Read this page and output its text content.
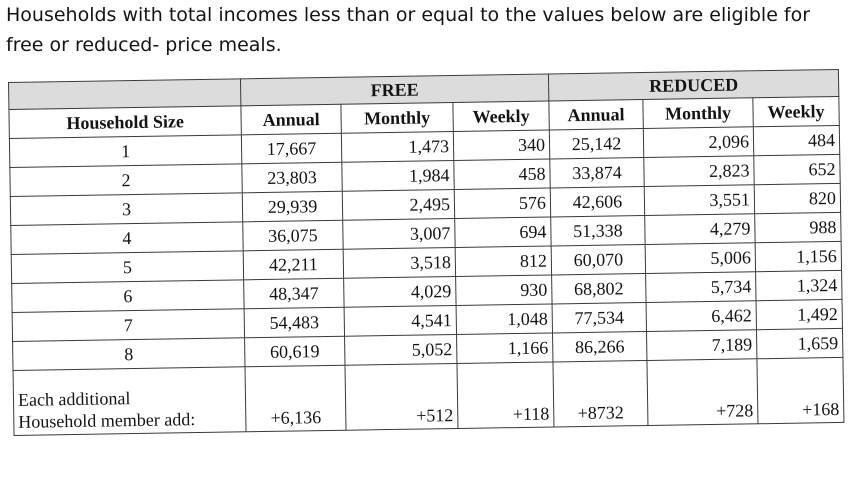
Households with total incomes less than or equal to the values below are eligible for free or reduced- price meals.
	FREE			REDUCED		
Household Size	Annual	Monthly	Weekly	Annual	Monthly	Weekly
1	17,667	1,473	340	25,142	2,096	484
2	23,803	1,984	458	33,874	2,823	652
3	29,939	2,495	576	42,606	3,551	820
4	36,075	3,007	694	51,338	4,279	988
5	42,211	3,518	812	60,070	5,006	1,156
6	48,347	4,029	930	68,802	5,734	1,324
7	54,483	4,541	1,048	77,534	6,462	1,492
8	60,619	5,052	1,166	86,266	7,189	1,659

Each additional
Household member add:	+6,136	+512	+118	+8732	+728	+168
